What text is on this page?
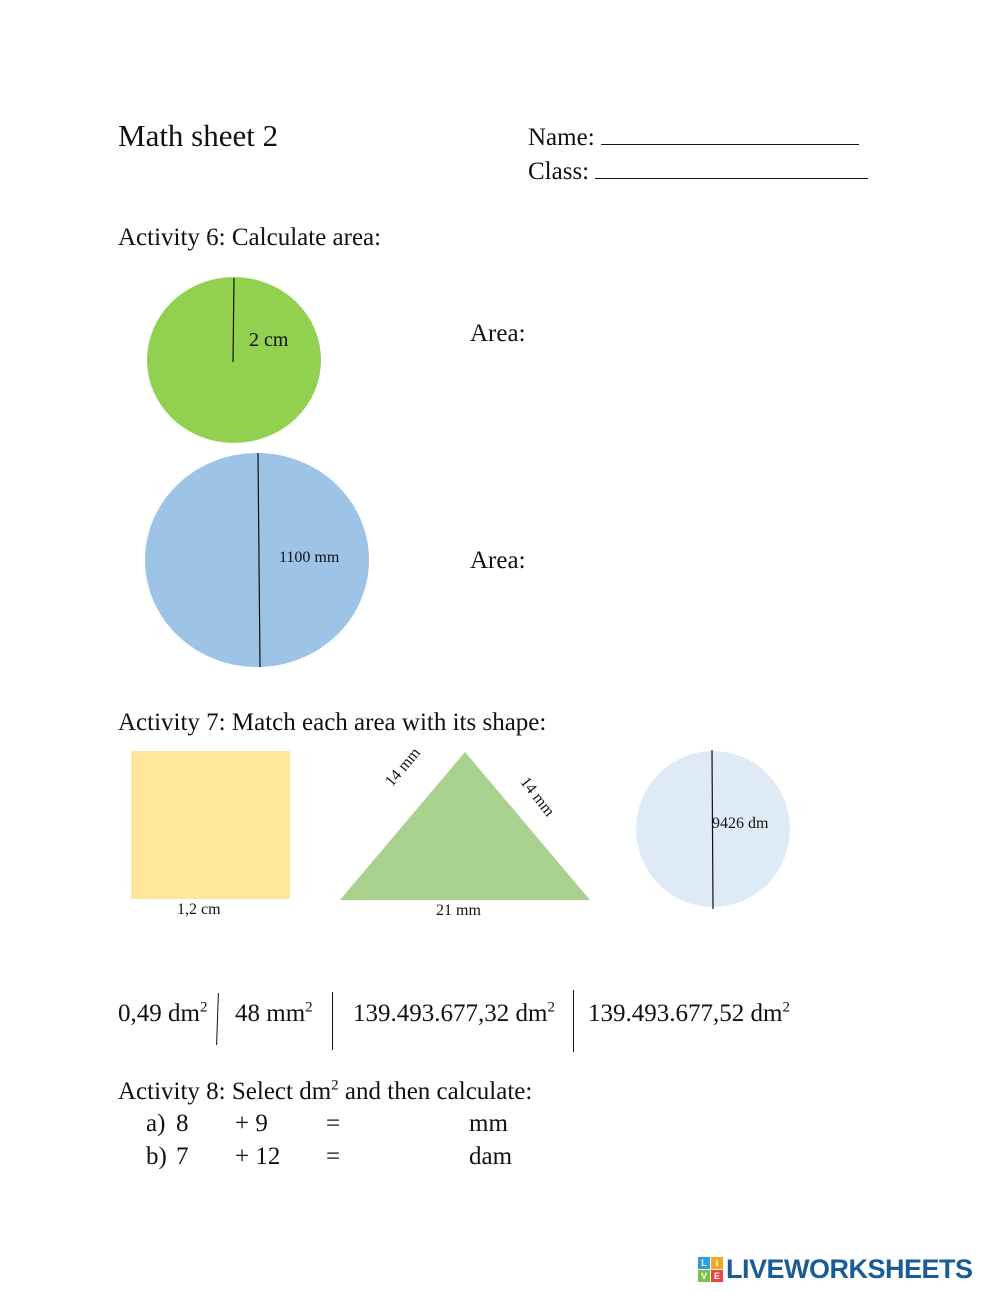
Math sheet 2	Name:
Class:
Activity 6: Calculate area:
2 cm	Area:
1100 mm	Area:
Activity 7: Match each area with its shape:
1,2 cm
14 mm
14 mm
21 mm
9426 dm
0,49 $dm^2$ 48 $mm^2$ 139.493.677,32 $dm^2$ 139.493.677,52 $dm^2$
Activity 8: Select $dm^2$ and then calculate:
a) 8 + 9 =	mm
b) 7 + 12 =	dam
L I
V E LIVEWORKSHEETS
